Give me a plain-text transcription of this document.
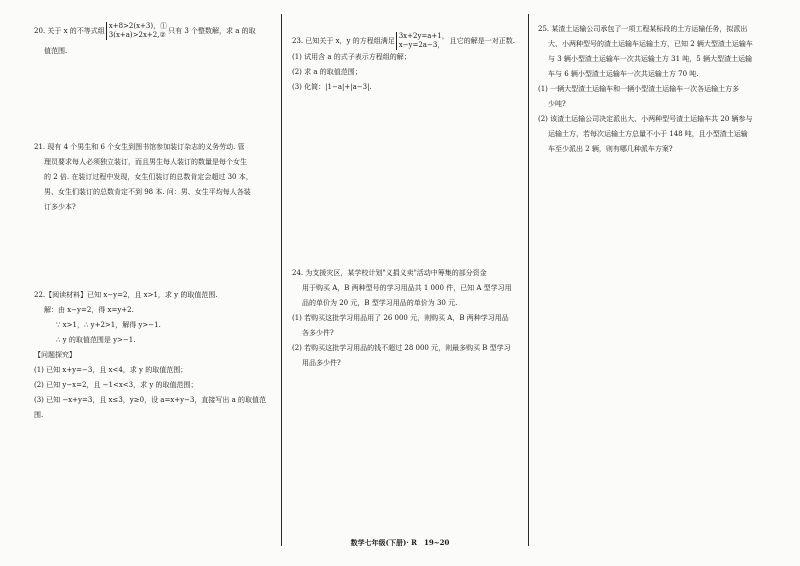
20. 关于 x 的不等式组
x+8>2(x+3)，①
3(x+a)>2x+2,② 只有 3 个整数解，求 a 的取
值范围.
21. 现有 4 个男生和 6 个女生到图书馆参加装订杂志的义务劳动. 管
理员要求每人必须独立装订，而且男生每人装订的数量是每个女生
的 2 倍. 在装订过程中发现，女生们装订的总数肯定会超过 30 本，
男、女生们装订的总数肯定不到 98 本. 问：男、女生平均每人各装
订多少本?
22.【阅读材料】已知 x−y=2，且 x>1，求 y 的取值范围.
解：由 x−y=2，得 x=y+2.
∵ x>1，∴ y+2>1，解得 y>−1.
∴ y 的取值范围是 y>−1.
【问题探究】
(1) 已知 x+y=−3，且 x<4，求 y 的取值范围；
(2) 已知 y−x=2，且 −1<x<3，求 y 的取值范围；
(3) 已知 −x+y=3，且 x≤3，y≥0，设 a=x+y−3，直接写出 a 的取值范围.
23. 已知关于 x，y 的方程组满足
3x+2y=a+1，
x−y=2a−3， 且它的解是一对正数.
(1) 试用含 a 的式子表示方程组的解；
(2) 求 a 的取值范围；
(3) 化简：|1−a|+|a−3|.
24. 为支援灾区，某学校计划"义捐义卖"活动中筹集的部分资金
用于购买 A，B 两种型号的学习用品共 1 000 件，已知 A 型学习用
品的单价为 20 元，B 型学习用品的单价为 30 元.
(1) 若购买这批学习用品用了 26 000 元，则购买 A，B 两种学习用品
各多少件?
(2) 若购买这批学习用品的钱不超过 28 000 元，则最多购买 B 型学习
用品多少件?
25. 某渣土运输公司承包了一项工程某标段的土方运输任务，拟派出
大、小两种型号的渣土运输车运输土方，已知 2 辆大型渣土运输车
与 3 辆小型渣土运输车一次共运输土方 31 吨，5 辆大型渣土运输
车与 6 辆小型渣土运输车一次共运输土方 70 吨.
(1) 一辆大型渣土运输车和一辆小型渣土运输车一次各运输土方多
少吨?
(2) 该渣土运输公司决定派出大、小两种型号渣土运输车共 20 辆参与
运输土方，若每次运输土方总量不小于 148 吨，且小型渣土运输
车至少派出 2 辆，则有哪几种派车方案?
数学七年级(下册)· R　19~20
